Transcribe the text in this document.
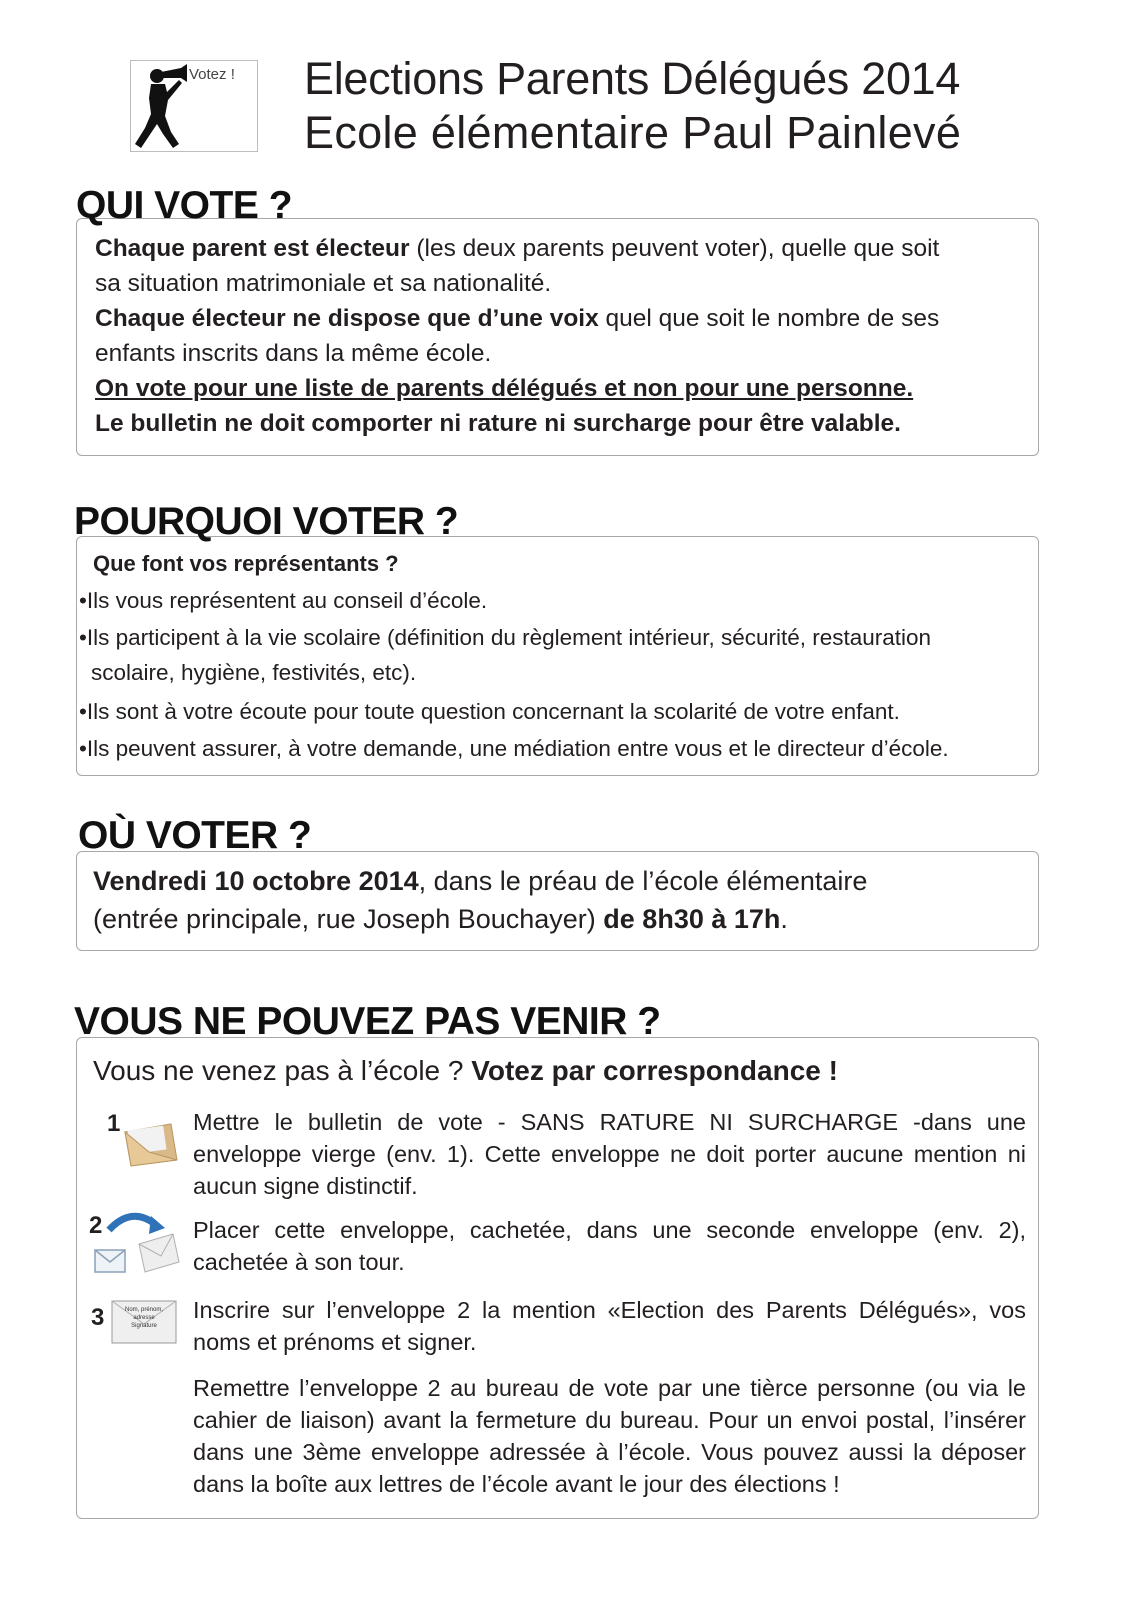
Votez ! Elections Parents Délégués 2014
Ecole élémentaire Paul Painlevé
QUI VOTE ?
Chaque parent est électeur (les deux parents peuvent voter), quelle que soit
sa situation matrimoniale et sa nationalité.
Chaque électeur ne dispose que d’une voix quel que soit le nombre de ses
enfants inscrits dans la même école.
On vote pour une liste de parents délégués et non pour une personne.
Le bulletin ne doit comporter ni rature ni surcharge pour être valable.
POURQUOI VOTER ?
Que font vos représentants ?
•Ils vous représentent au conseil d’école.
•Ils participent à la vie scolaire (définition du règlement intérieur, sécurité, restauration
scolaire, hygiène, festivités, etc).
•Ils sont à votre écoute pour toute question concernant la scolarité de votre enfant.
•Ils peuvent assurer, à votre demande, une médiation entre vous et le directeur d’école.
OÙ VOTER ?
Vendredi 10 octobre 2014, dans le préau de l’école élémentaire
(entrée principale, rue Joseph Bouchayer) de 8h30 à 17h.
VOUS NE POUVEZ PAS VENIR ?
Vous ne venez pas à l’école ? Votez par correspondance !
1	Mettre le bulletin de vote - SANS RATURE NI SURCHARGE -dans une enveloppe vierge (env. 1). Cette enveloppe ne doit porter aucune mention ni aucun signe distinctif.
2	Placer cette enveloppe, cachetée, dans une seconde enveloppe (env. 2), cachetée à son tour.
3	Nom, prénom, adresse Signature
Inscrire sur l’enveloppe 2 la mention «Election des Parents Délégués», vos noms et prénoms et signer.
Remettre l’enveloppe 2 au bureau de vote par une tièrce personne (ou via le cahier de liaison) avant la fermeture du bureau. Pour un envoi postal, l’insérer dans une 3ème enveloppe adressée à l’école. Vous pouvez aussi la déposer dans la boîte aux lettres de l’école avant le jour des élections !
